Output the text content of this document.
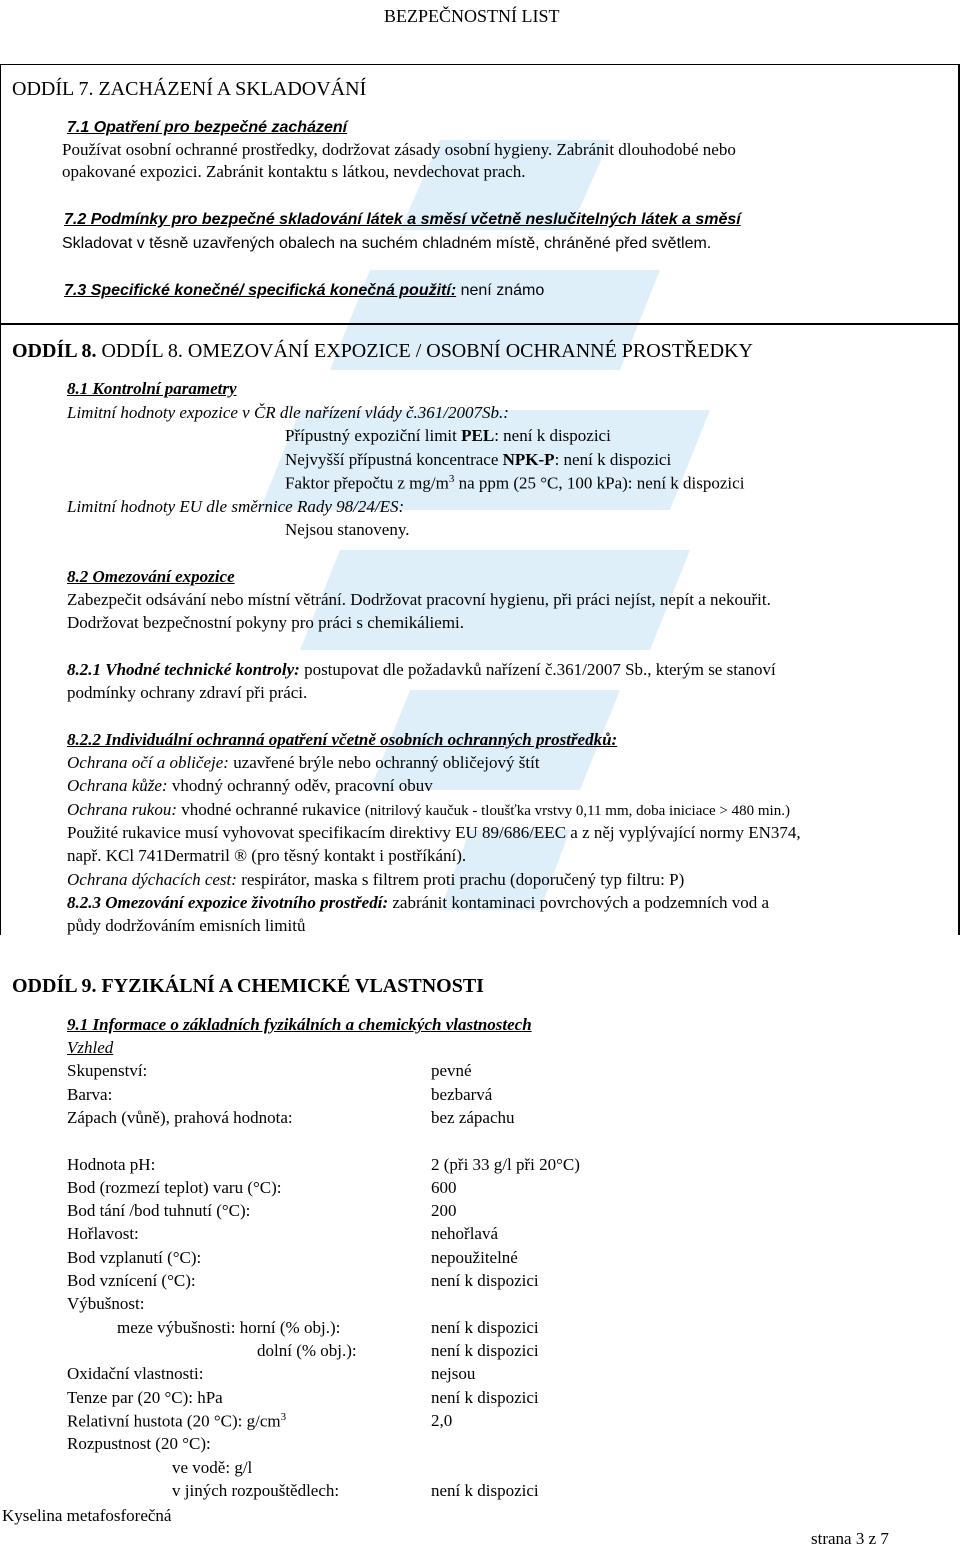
BEZPEČNOSTNÍ LIST
ODDÍL 7. ZACHÁZENÍ A SKLADOVÁNÍ
7.1 Opatření pro bezpečné zacházení
Používat osobní ochranné prostředky, dodržovat zásady osobní hygieny. Zabránit dlouhodobé nebo
opakované expozici. Zabránit kontaktu s látkou, nevdechovat prach.
7.2 Podmínky pro bezpečné skladování látek a směsí včetně neslučitelných látek a směsí
Skladovat v těsně uzavřených obalech na suchém chladném místě, chráněné před světlem.
7.3 Specifické konečné/ specifická konečná použití: není známo
ODDÍL 8. ODDÍL 8. OMEZOVÁNÍ EXPOZICE / OSOBNÍ OCHRANNÉ PROSTŘEDKY
8.1 Kontrolní parametry
Limitní hodnoty expozice v ČR dle nařízení vlády č.361/2007Sb.:
Přípustný expoziční limit PEL: není k dispozici
Nejvyšší přípustná koncentrace NPK-P: není k dispozici
Faktor přepočtu z $mg/m^3$ na ppm (25 °C, 100 kPa): není k dispozici
Limitní hodnoty EU dle směrnice Rady 98/24/ES:
Nejsou stanoveny.
8.2 Omezování expozice
Zabezpečit odsávání nebo místní větrání. Dodržovat pracovní hygienu, při práci nejíst, nepít a nekouřit.
Dodržovat bezpečnostní pokyny pro práci s chemikáliemi.
8.2.1 Vhodné technické kontroly: postupovat dle požadavků nařízení č.361/2007 Sb., kterým se stanoví
podmínky ochrany zdraví při práci.
8.2.2 Individuální ochranná opatření včetně osobních ochranných prostředků:
Ochrana očí a obličeje: uzavřené brýle nebo ochranný obličejový štít
Ochrana kůže: vhodný ochranný oděv, pracovní obuv
Ochrana rukou: vhodné ochranné rukavice (nitrilový kaučuk - tloušťka vrstvy 0,11 mm, doba iniciace > 480 min.)
Použité rukavice musí vyhovovat specifikacím direktivy EU 89/686/EEC a z něj vyplývající normy EN374,
např. KCl 741Dermatril ® (pro těsný kontakt i postříkání).
Ochrana dýchacích cest: respirátor, maska s filtrem proti prachu (doporučený typ filtru: P)
8.2.3 Omezování expozice životního prostředí: zabránit kontaminaci povrchových a podzemních vod a
půdy dodržováním emisních limitů
ODDÍL 9. FYZIKÁLNÍ A CHEMICKÉ VLASTNOSTI
9.1 Informace o základních fyzikálních a chemických vlastnostech
Vzhled
Skupenství:	pevné
Barva:	bezbarvá
Zápach (vůně), prahová hodnota:	bez zápachu
Hodnota pH:	2 (při 33 g/l při 20°C)
Bod (rozmezí teplot) varu (°C):	600
Bod tání /bod tuhnutí (°C):	200
Hořlavost:	nehořlavá
Bod vzplanutí (°C):	nepoužitelné
Bod vznícení (°C):	není k dispozici
Výbušnost:
meze výbušnosti: horní (% obj.):	není k dispozici
dolní (% obj.):	není k dispozici
Oxidační vlastnosti:	nejsou
Tenze par (20 °C): hPa	není k dispozici
Relativní hustota (20 °C): $g/cm^3$	2,0
Rozpustnost (20 °C):
ve vodě: g/l
v jiných rozpouštědlech:	není k dispozici
Kyselina metafosforečná
strana 3 z 7
